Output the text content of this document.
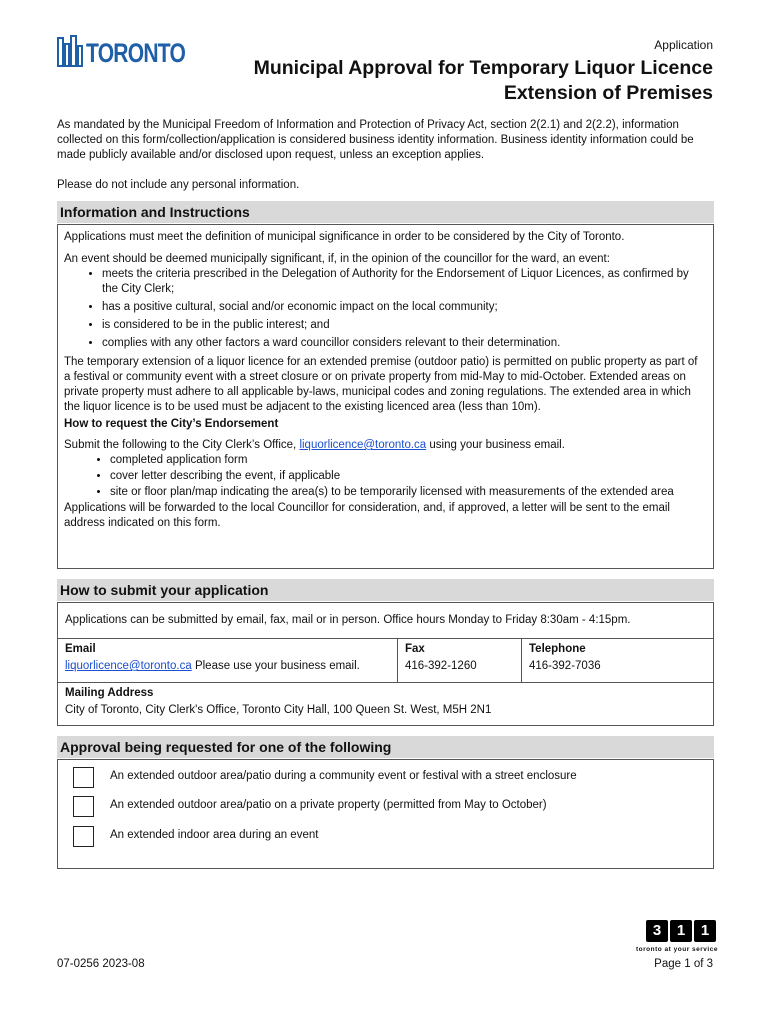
TORONTO	Application
Municipal Approval for Temporary Liquor Licence
Extension of Premises

As mandated by the Municipal Freedom of Information and Protection of Privacy Act, section 2(2.1) and 2(2.2), information collected on this form/collection/application is considered business identity information. Business identity information could be made publicly available and/or disclosed upon request, unless an exception applies.

Please do not include any personal information.

Information and Instructions

Applications must meet the definition of municipal significance in order to be considered by the City of Toronto.

An event should be deemed municipally significant, if, in the opinion of the councillor for the ward, an event:

• meets the criteria prescribed in the Delegation of Authority for the Endorsement of Liquor Licences, as confirmed by the City Clerk;
• has a positive cultural, social and/or economic impact on the local community;
• is considered to be in the public interest; and
• complies with any other factors a ward councillor considers relevant to their determination.

The temporary extension of a liquor licence for an extended premise (outdoor patio) is permitted on public property as part of a festival or community event with a street closure or on private property from mid-May to mid-October. Extended areas on private property must adhere to all applicable by-laws, municipal codes and zoning regulations. The extended area in which the liquor licence is to be used must be adjacent to the existing licenced area (less than 10m).

How to request the City’s Endorsement

Submit the following to the City Clerk’s Office, liquorlicence@toronto.ca using your business email.

• completed application form
• cover letter describing the event, if applicable
• site or floor plan/map indicating the area(s) to be temporarily licensed with measurements of the extended area

Applications will be forwarded to the local Councillor for consideration, and, if approved, a letter will be sent to the email address indicated on this form.

How to submit your application
Applications can be submitted by email, fax, mail or in person. Office hours Monday to Friday 8:30am - 4:15pm.
Email
liquorlicence@toronto.ca Please use your business email.
Fax
416-392-1260
Telephone
416-392-7036
Mailing Address
City of Toronto, City Clerk's Office, Toronto City Hall, 100 Queen St. West, M5H 2N1
Approval being requested for one of the following
An extended outdoor area/patio during a community event or festival with a street enclosure
An extended outdoor area/patio on a private property (permitted from May to October)
An extended indoor area during an event
3	1	1
toronto at your service
07-0256 2023-08	Page 1 of 3
